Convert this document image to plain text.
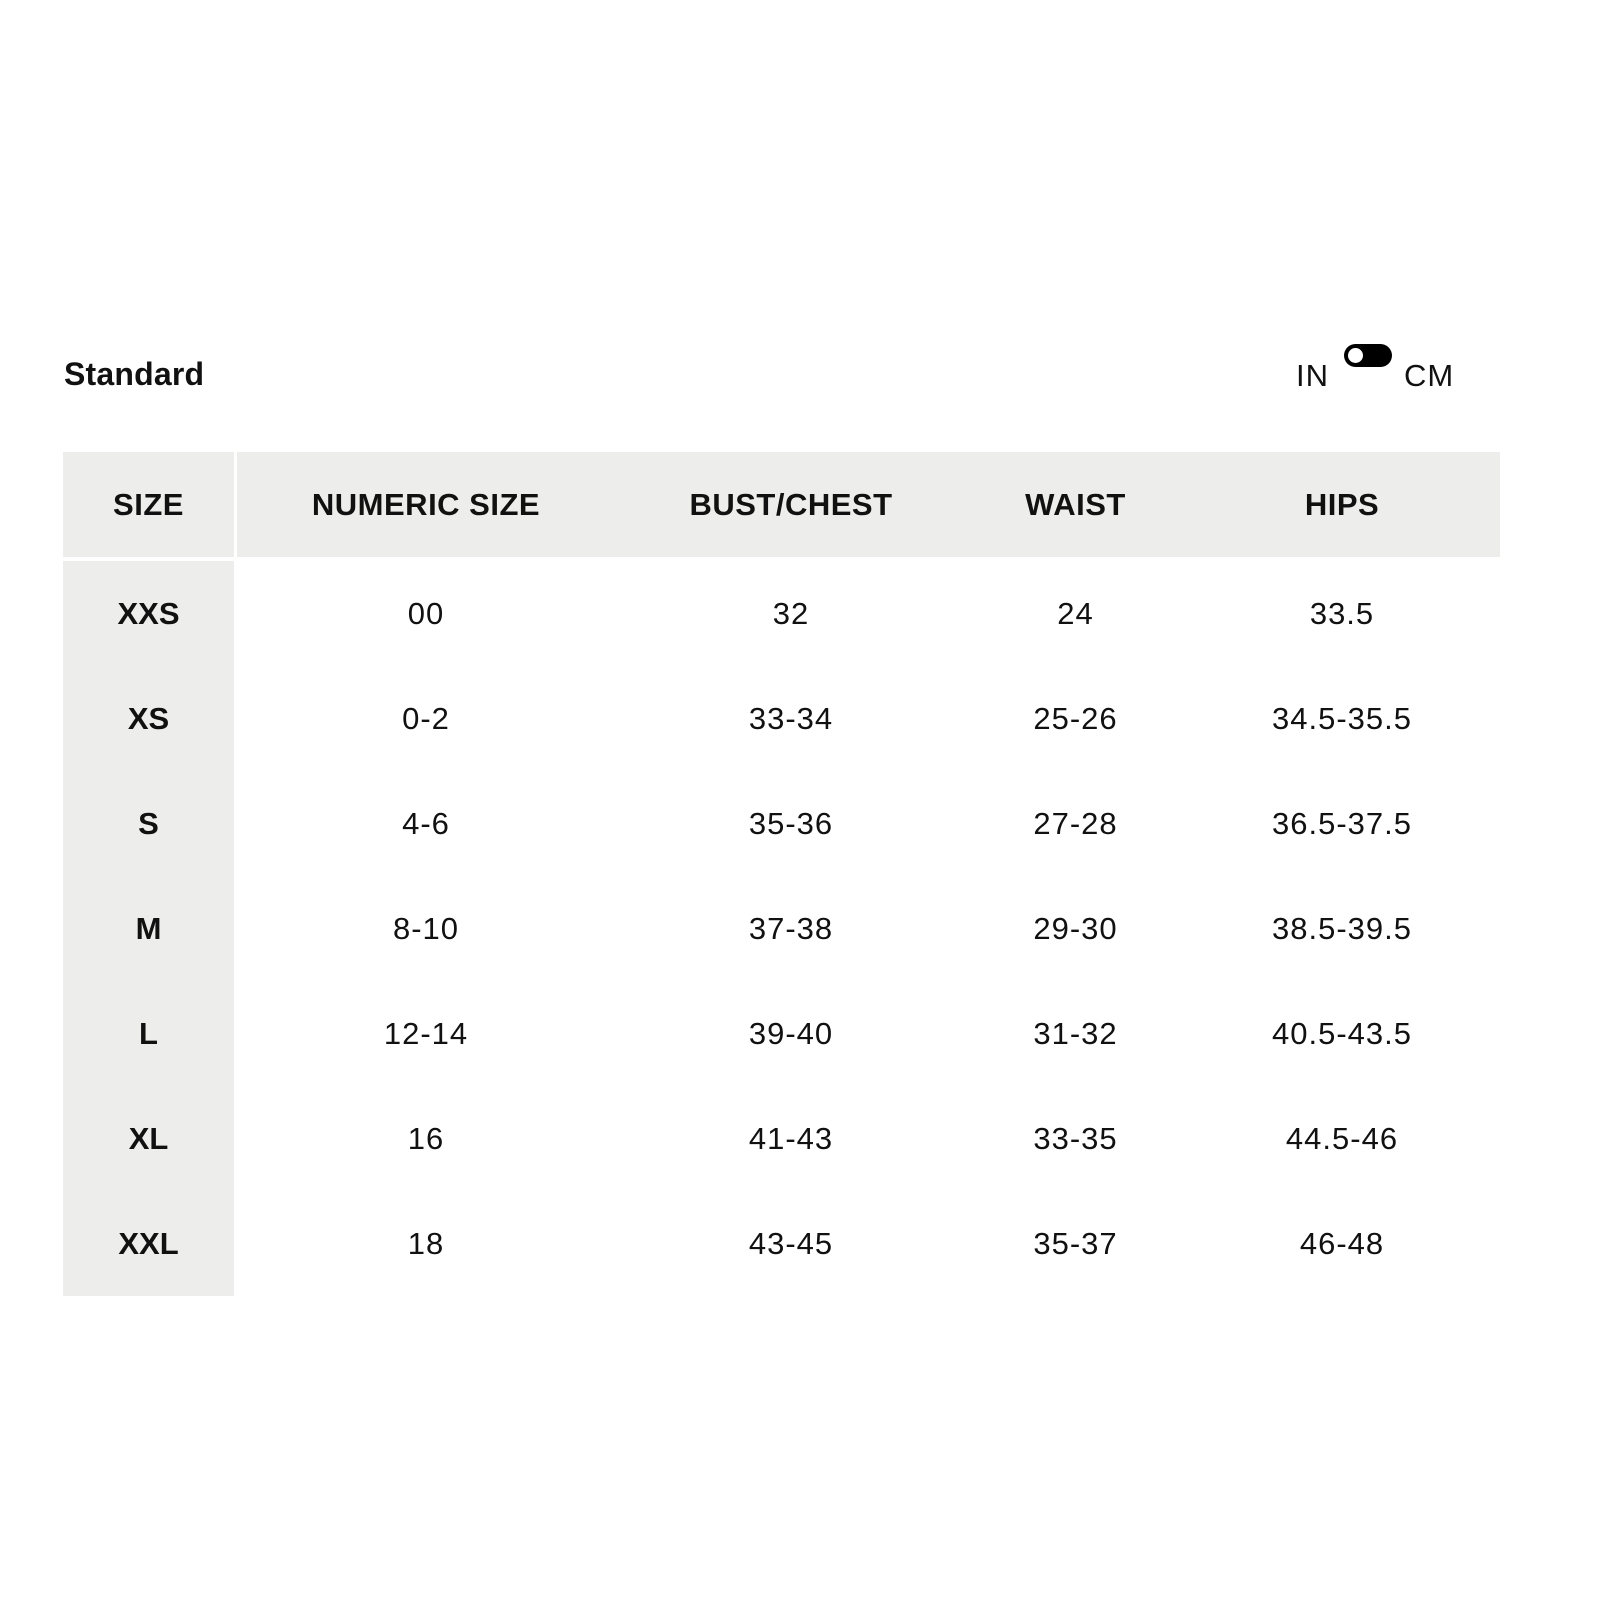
Standard	IN CM
SIZE	NUMERIC SIZE	BUST/CHEST	WAIST	HIPS
XXS	00	32	24	33.5
XS	0-2	33-34	25-26	34.5-35.5
S	4-6	35-36	27-28	36.5-37.5
M	8-10	37-38	29-30	38.5-39.5
L	12-14	39-40	31-32	40.5-43.5
XL	16	41-43	33-35	44.5-46
XXL	18	43-45	35-37	46-48
